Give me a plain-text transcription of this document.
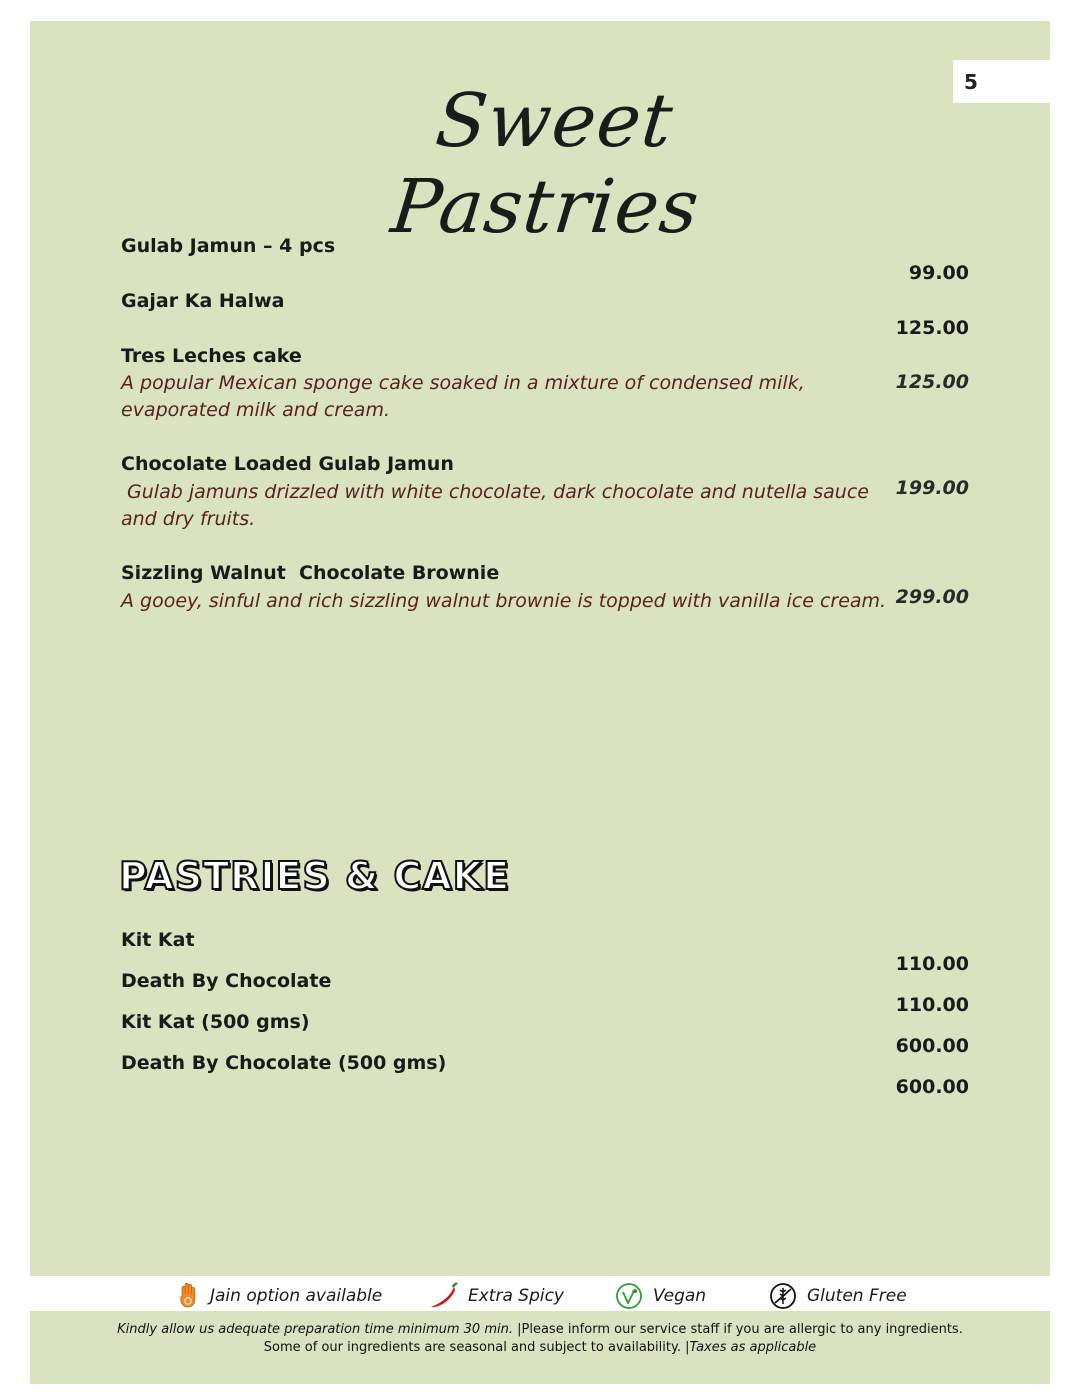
5
Sweet Pastries
Gulab Jamun – 4 pcs
99.00
Gajar Ka Halwa
125.00
Tres Leches cake
A popular Mexican sponge cake soaked in a mixture of condensed milk, evaporated milk and cream.
125.00
Chocolate Loaded Gulab Jamun
Gulab jamuns drizzled with white chocolate, dark chocolate and nutella sauce and dry fruits.
199.00
Sizzling Walnut  Chocolate Brownie
A gooey, sinful and rich sizzling walnut brownie is topped with vanilla ice cream. 299.00
PASTRIES & CAKE
Kit Kat
110.00
Death By Chocolate
110.00
Kit Kat (500 gms)
600.00
Death By Chocolate (500 gms)
600.00
Jain option available	Extra Spicy	Vegan	Gluten Free
Kindly allow us adequate preparation time minimum 30 min. |Please inform our service staff if you are allergic to any ingredients.
Some of our ingredients are seasonal and subject to availability. |Taxes as applicable
